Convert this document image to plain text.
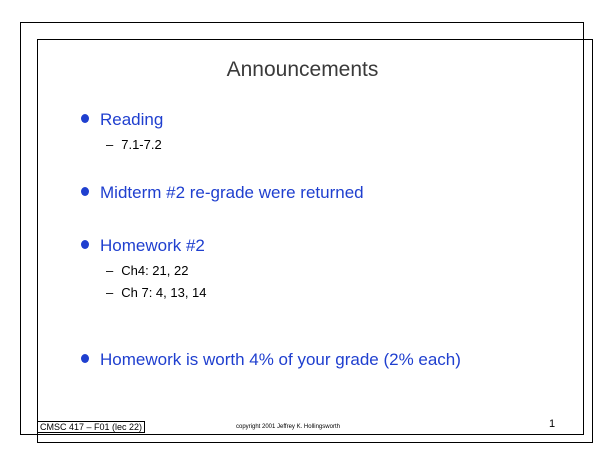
Announcements
Reading
– 7.1-7.2
Midterm #2 re-grade were returned
Homework #2
– Ch4: 21, 22
– Ch 7: 4, 13, 14
Homework is worth 4% of your grade (2% each)
CMSC 417 – F01 (lec 22)	copyright 2001 Jeffrey K. Hollingsworth	1
